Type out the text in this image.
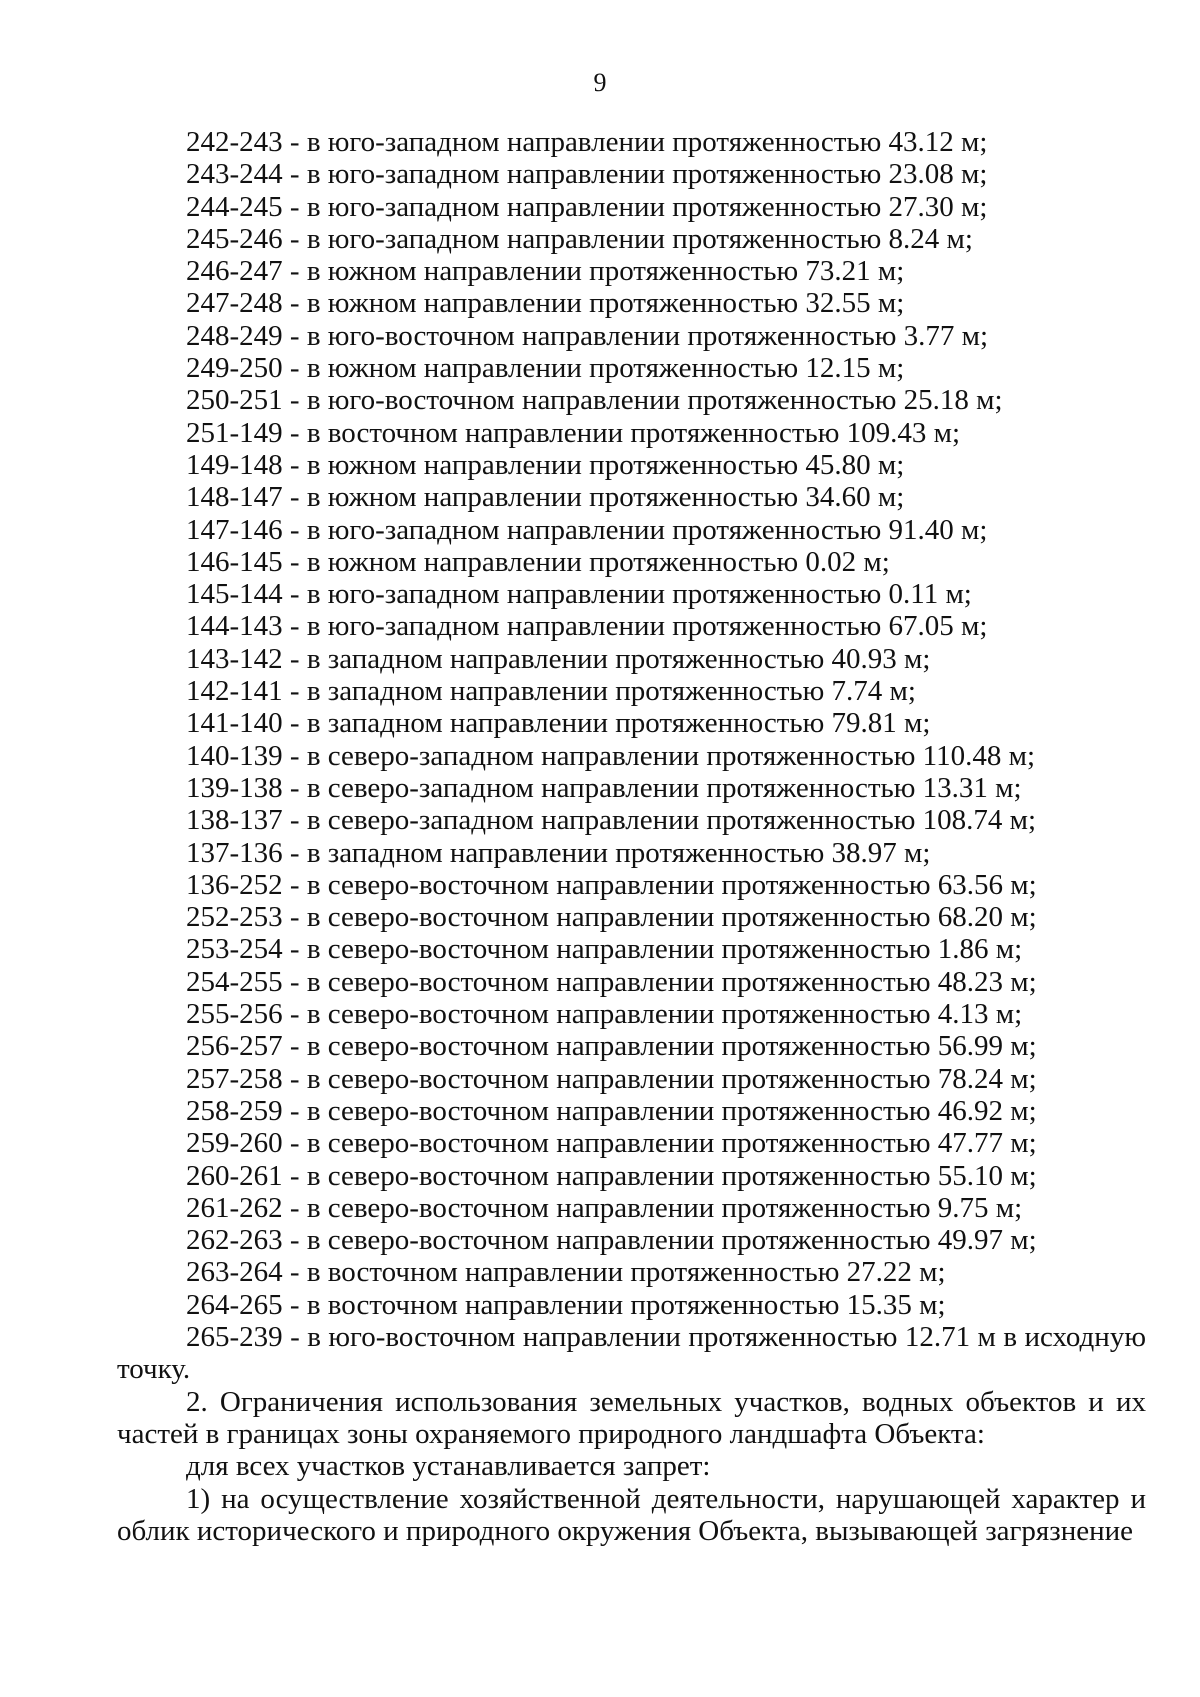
9
242-243 - в юго-западном направлении протяженностью 43.12 м;
243-244 - в юго-западном направлении протяженностью 23.08 м;
244-245 - в юго-западном направлении протяженностью 27.30 м;
245-246 - в юго-западном направлении протяженностью 8.24 м;
246-247 - в южном направлении протяженностью 73.21 м;
247-248 - в южном направлении протяженностью 32.55 м;
248-249 - в юго-восточном направлении протяженностью 3.77 м;
249-250 - в южном направлении протяженностью 12.15 м;
250-251 - в юго-восточном направлении протяженностью 25.18 м;
251-149 - в восточном направлении протяженностью 109.43 м;
149-148 - в южном направлении протяженностью 45.80 м;
148-147 - в южном направлении протяженностью 34.60 м;
147-146 - в юго-западном направлении протяженностью 91.40 м;
146-145 - в южном направлении протяженностью 0.02 м;
145-144 - в юго-западном направлении протяженностью 0.11 м;
144-143 - в юго-западном направлении протяженностью 67.05 м;
143-142 - в западном направлении протяженностью 40.93 м;
142-141 - в западном направлении протяженностью 7.74 м;
141-140 - в западном направлении протяженностью 79.81 м;
140-139 - в северо-западном направлении протяженностью 110.48 м;
139-138 - в северо-западном направлении протяженностью 13.31 м;
138-137 - в северо-западном направлении протяженностью 108.74 м;
137-136 - в западном направлении протяженностью 38.97 м;
136-252 - в северо-восточном направлении протяженностью 63.56 м;
252-253 - в северо-восточном направлении протяженностью 68.20 м;
253-254 - в северо-восточном направлении протяженностью 1.86 м;
254-255 - в северо-восточном направлении протяженностью 48.23 м;
255-256 - в северо-восточном направлении протяженностью 4.13 м;
256-257 - в северо-восточном направлении протяженностью 56.99 м;
257-258 - в северо-восточном направлении протяженностью 78.24 м;
258-259 - в северо-восточном направлении протяженностью 46.92 м;
259-260 - в северо-восточном направлении протяженностью 47.77 м;
260-261 - в северо-восточном направлении протяженностью 55.10 м;
261-262 - в северо-восточном направлении протяженностью 9.75 м;
262-263 - в северо-восточном направлении протяженностью 49.97 м;
263-264 - в восточном направлении протяженностью 27.22 м;
264-265 - в восточном направлении протяженностью 15.35 м;

265-239 - в юго-восточном направлении протяженностью 12.71 м в исходную точку.

2. Ограничения использования земельных участков, водных объектов и их частей в границах зоны охраняемого природного ландшафта Объекта:

для всех участков устанавливается запрет:

1) на осуществление хозяйственной деятельности, нарушающей характер и облик исторического и природного окружения Объекта, вызывающей загрязнение
